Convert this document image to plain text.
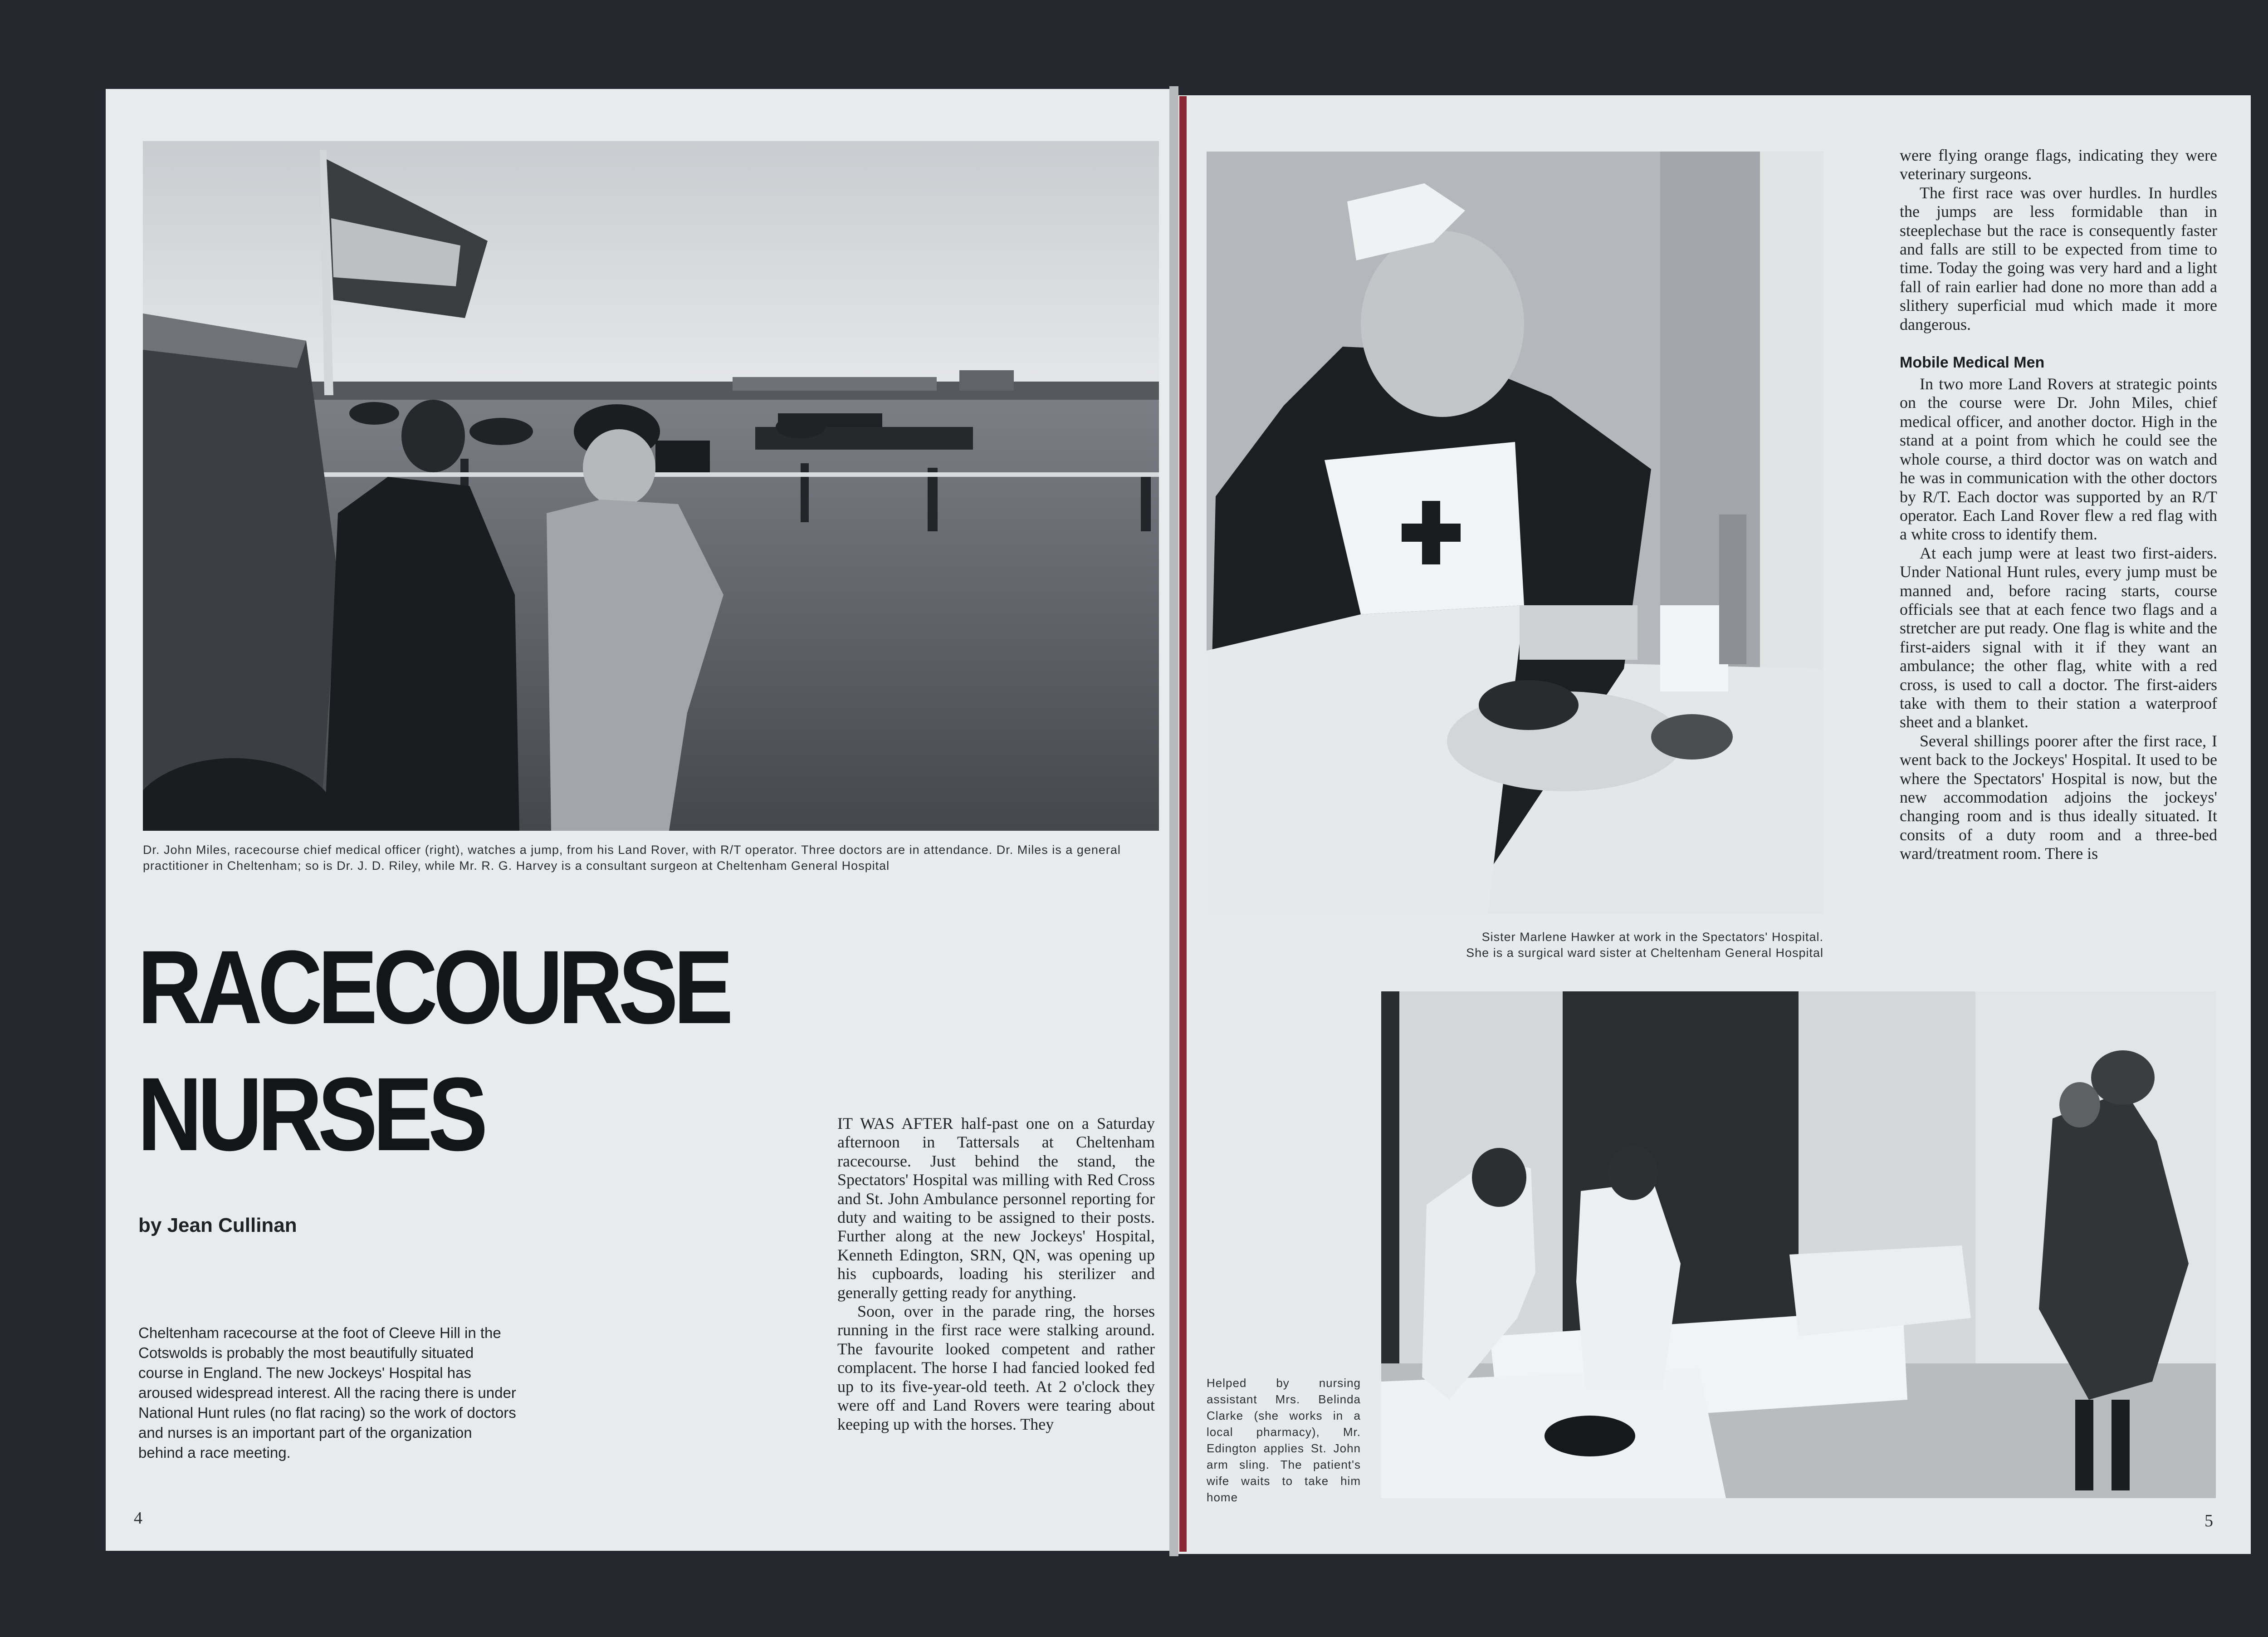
Dr. John Miles, racecourse chief medical officer (right), watches a jump, from his Land Rover, with R/T operator. Three doctors are in attendance. Dr. Miles is a general practitioner in Cheltenham; so is Dr. J. D. Riley, while Mr. R. G. Harvey is a consultant surgeon at Cheltenham General Hospital

RACECOURSE
NURSES

by Jean Cullinan

Cheltenham racecourse at the foot of Cleeve Hill in the Cotswolds is probably the most beautifully situated course in England. The new Jockeys' Hospital has aroused widespread interest. All the racing there is under National Hunt rules (no flat racing) so the work of doctors and nurses is an important part of the organization behind a race meeting.

IT WAS AFTER half-past one on a Saturday afternoon in Tattersals at Cheltenham racecourse. Just behind the stand, the Spectators' Hospital was milling with Red Cross and St. John Ambulance personnel reporting for duty and waiting to be assigned to their posts. Further along at the new Jockeys' Hospital, Kenneth Edington, SRN, QN, was opening up his cupboards, loading his sterilizer and generally getting ready for anything.

Soon, over in the parade ring, the horses running in the first race were stalking around. The favourite looked competent and rather complacent. The horse I had fancied looked fed up to its five-year-old teeth. At 2 o'clock they were off and Land Rovers were tearing about keeping up with the horses. They

4

Sister Marlene Hawker at work in the Spectators' Hospital.

She is a surgical ward sister at Cheltenham General Hospital

were flying orange flags, indicating they were veterinary surgeons.

The first race was over hurdles. In hurdles the jumps are less formidable than in steeplechase but the race is consequently faster and falls are still to be expected from time to time. Today the going was very hard and a light fall of rain earlier had done no more than add a slithery superficial mud which made it more dangerous.

Mobile Medical Men

In two more Land Rovers at strategic points on the course were Dr. John Miles, chief medical officer, and another doctor. High in the stand at a point from which he could see the whole course, a third doctor was on watch and he was in communication with the other doctors by R/T. Each doctor was supported by an R/T operator. Each Land Rover flew a red flag with a white cross to identify them.

At each jump were at least two first-aiders. Under National Hunt rules, every jump must be manned and, before racing starts, course officials see that at each fence two flags and a stretcher are put ready. One flag is white and the first-aiders signal with it if they want an ambulance; the other flag, white with a red cross, is used to call a doctor. The first-aiders take with them to their station a waterproof sheet and a blanket.

Several shillings poorer after the first race, I went back to the Jockeys' Hospital. It used to be where the Spectators' Hospital is now, but the new accommodation adjoins the jockeys' changing room and is thus ideally situated. It consits of a duty room and a three-bed ward/treatment room. There is

Helped by nursing assistant Mrs. Belinda Clarke (she works in a local pharmacy), Mr. Edington applies St. John arm sling. The patient's wife waits to take him home

5
